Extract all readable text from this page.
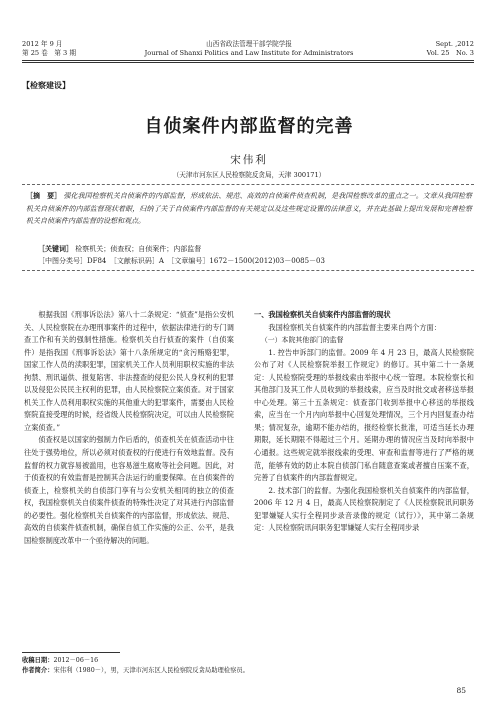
2012 年 9 月
第 25 卷　第 3 期
山西省政法管理干部学院学报
Journal of Shanxi Politics and Law Institute for Administrators
Sept. ,2012
Vol. 25　No. 3
【检察建设】
自侦案件内部监督的完善
宋伟利
（天津市河东区人民检察院反贪局，天津 300171）
［摘　要］ 强化我国检察机关自侦案件的内部监督，形成依法、规范、高效的自侦案件侦查机制，是我国检察改革的重点之一。文章从我国检察机关自侦案件的内部监督现状着眼，归纳了关于自侦案件内部监督的有关规定以及这些规定设置的法律意义，并在此基础上提出发展和完善检察机关自侦案件内部监督的设想和观点。
［关键词］ 检察机关；侦查权；自侦案件；内部监督
［中图分类号］DF84　［文献标识码］A　［文章编号］1672－1500(2012)03－0085－03

根据我国《刑事诉讼法》第八十二条规定：“侦查”是指公安机关、人民检察院在办理刑事案件的过程中，依据法律进行的专门调查工作和有关的强制性措施。检察机关自行侦查的案件（自侦案件）是指我国《刑事诉讼法》第十八条所规定的“贪污贿赂犯罪，国家工作人员的渎职犯罪，国家机关工作人员利用职权实施的非法拘禁、刑讯逼供、报复陷害、非法搜查的侵犯公民人身权利的犯罪以及侵犯公民民主权利的犯罪，由人民检察院立案侦查。对于国家机关工作人员利用职权实施的其他重大的犯罪案件，需要由人民检察院直接受理的时候，经省级人民检察院决定，可以由人民检察院立案侦查。”

侦查权是以国家的强制力作后盾的，侦查机关在侦查活动中往往处于强势地位，所以必须对侦查权的行使进行有效地监督。没有监督的权力就容易被滥用，也容易滋生腐败等社会问题。因此，对于侦查权的有效监督是控制其合法运行的重要保障。在自侦案件的侦查上，检察机关的自侦部门享有与公安机关相同的独立的侦查权，我国检察机关自侦案件侦查的特殊性决定了对其进行内部监督的必要性。强化检察机关自侦案件的内部监督，形成依法、规范、高效的自侦案件侦查机制，确保自侦工作实施的公正、公平，是我国检察制度改革中一个亟待解决的问题。

一、我国检察机关自侦案件内部监督的现状

我国检察机关自侦案件的内部监督主要来自两个方面：

（一）本院其他部门的监督

1. 控告申诉部门的监督。2009 年 4 月 23 日，最高人民检察院公布了对《人民检察院举报工作规定》的修订。其中第二十一条规定：人民检察院受理的举报线索由举报中心统一管理。本院检察长和其他部门及其工作人员收到的举报线索，应当及时批交或者移送举报中心处理。第三十五条规定：侦查部门收到举报中心移送的举报线索，应当在一个月内向举报中心回复处理情况，三个月内回复查办结果；情况复杂，逾期不能办结的，报经检察长批准，可适当延长办理期限，延长期限不得超过三个月。延期办理的情况应当及时向举报中心通报。这些规定就举报线索的受理、审查和监督等进行了严格的规范，能够有效的防止本院自侦部门私自随意查案或者擅自压案不查，完善了自侦案件的内部监督规定。

2. 技术部门的监督。为强化我国检察机关自侦案件的内部监督，2006 年 12 月 4 日，最高人民检察院制定了《人民检察院讯问职务犯罪嫌疑人实行全程同步录音录像的规定（试行）》，其中第二条规定：人民检察院讯问职务犯罪嫌疑人实行全程同步录

收稿日期：2012－06－16
作者简介：宋伟利（1980－），男，天津市河东区人民检察院反贪局助理检察员。
85
